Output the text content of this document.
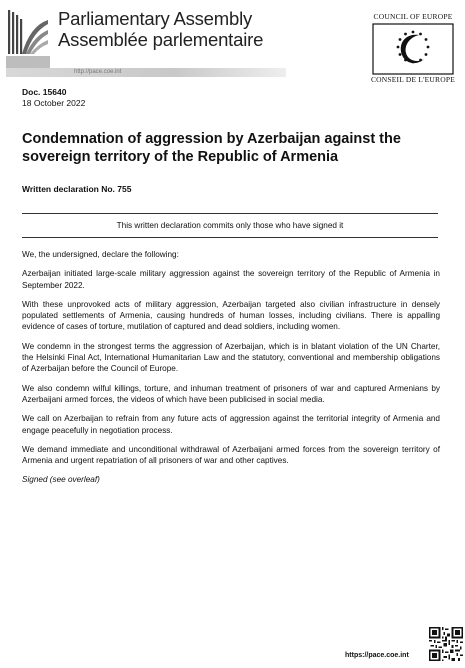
Parliamentary Assembly
Assemblée parlementaire
http://pace.coe.int
COUNCIL OF EUROPE
CONSEIL DE L'EUROPE
Doc. 15640
18 October 2022
Condemnation of aggression by Azerbaijan against the sovereign territory of the Republic of Armenia
Written declaration No. 755
This written declaration commits only those who have signed it

We, the undersigned, declare the following:

Azerbaijan initiated large-scale military aggression against the sovereign territory of the Republic of Armenia in September 2022.

With these unprovoked acts of military aggression, Azerbaijan targeted also civilian infrastructure in densely populated settlements of Armenia, causing hundreds of human losses, including civilians. There is appalling evidence of cases of torture, mutilation of captured and dead soldiers, including women.

We condemn in the strongest terms the aggression of Azerbaijan, which is in blatant violation of the UN Charter, the Helsinki Final Act, International Humanitarian Law and the statutory, conventional and membership obligations of Azerbaijan before the Council of Europe.

We also condemn wilful killings, torture, and inhuman treatment of prisoners of war and captured Armenians by Azerbaijani armed forces, the videos of which have been publicised in social media.

We call on Azerbaijan to refrain from any future acts of aggression against the territorial integrity of Armenia and engage peacefully in negotiation process.

We demand immediate and unconditional withdrawal of Azerbaijani armed forces from the sovereign territory of Armenia and urgent repatriation of all prisoners of war and other captives.

Signed (see overleaf)

https://pace.coe.int
